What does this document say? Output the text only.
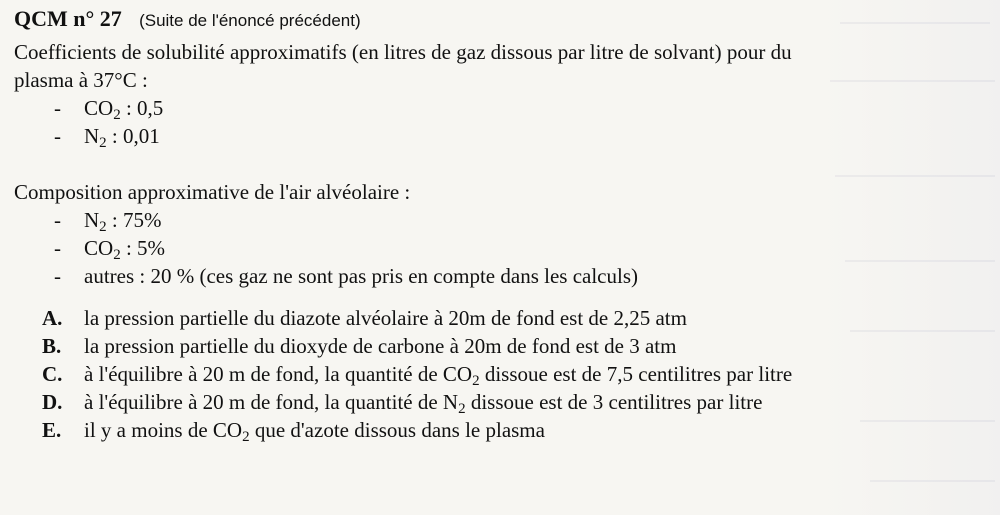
QCM n° 27 (Suite de l'énoncé précédent)

Coefficients de solubilité approximatifs (en litres de gaz dissous par litre de solvant) pour du
plasma à 37°C :

- $CO_2$ : 0,5
- $N_2$ : 0,01

Composition approximative de l'air alvéolaire :

- $N_2$ : 75%
- $CO_2$ : 5%
- autres : 20 % (ces gaz ne sont pas pris en compte dans les calculs)
A. la pression partielle du diazote alvéolaire à 20m de fond est de 2,25 atm
B. la pression partielle du dioxyde de carbone à 20m de fond est de 3 atm
C. à l'équilibre à 20 m de fond, la quantité de $CO_2$ dissoue est de 7,5 centilitres par litre
D. à l'équilibre à 20 m de fond, la quantité de $N_2$ dissoue est de 3 centilitres par litre
E. il y a moins de $CO_2$ que d'azote dissous dans le plasma
